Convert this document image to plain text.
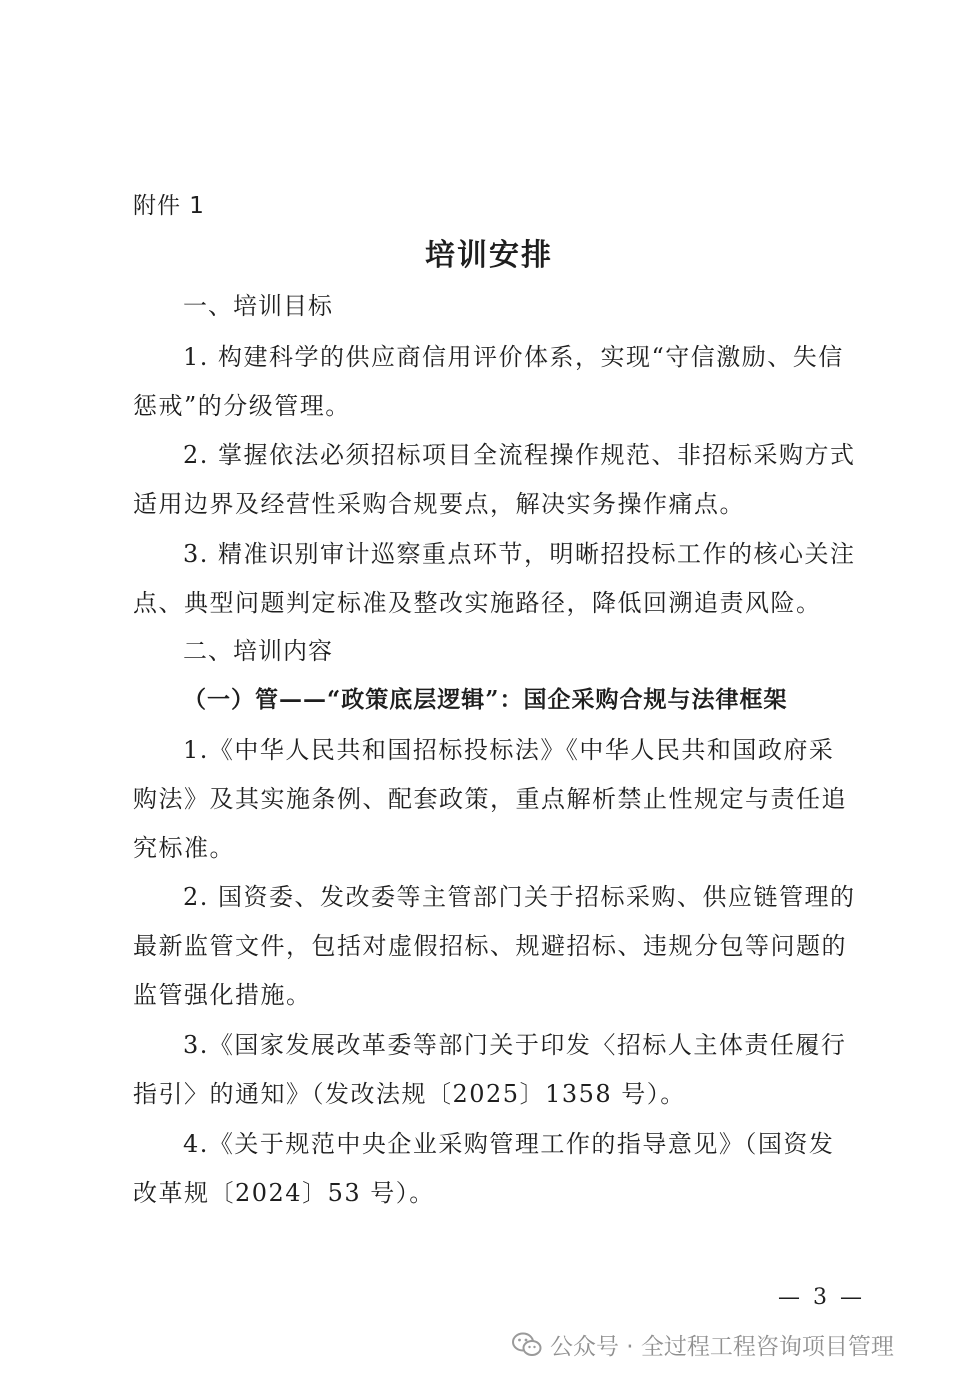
附件 1
培训安排
一、培训目标
1. 构建科学的供应商信用评价体系，实现“守信激励、失信
惩戒”的分级管理。
2. 掌握依法必须招标项目全流程操作规范、非招标采购方式
适用边界及经营性采购合规要点，解决实务操作痛点。
3. 精准识别审计巡察重点环节，明晰招投标工作的核心关注
点、典型问题判定标准及整改实施路径，降低回溯追责风险。
二、培训内容
（一）管——“政策底层逻辑”：国企采购合规与法律框架
1.《中华人民共和国招标投标法》《中华人民共和国政府采
购法》及其实施条例、配套政策，重点解析禁止性规定与责任追
究标准。
2. 国资委、发改委等主管部门关于招标采购、供应链管理的
最新监管文件，包括对虚假招标、规避招标、违规分包等问题的
监管强化措施。
3.《国家发展改革委等部门关于印发〈招标人主体责任履行
指引〉的通知》（发改法规〔2025〕1358 号）。
4.《关于规范中央企业采购管理工作的指导意见》（国资发
改革规〔2024〕53 号）。
— 3 —
公众号 · 全过程工程咨询项目管理
